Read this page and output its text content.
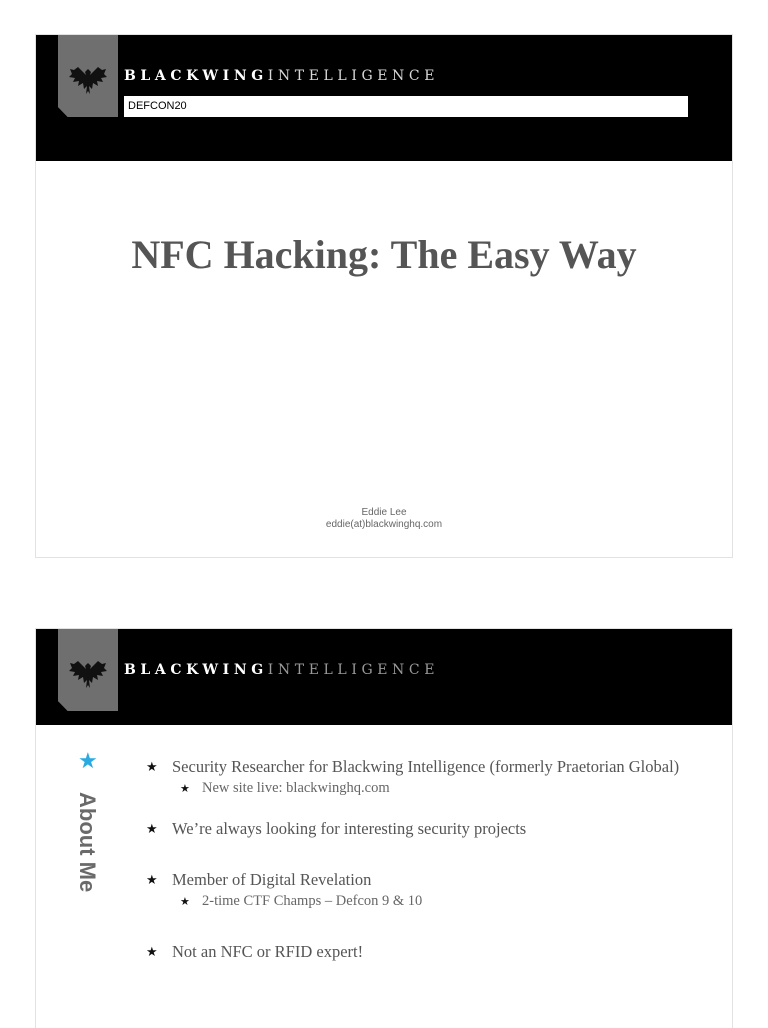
BLACKWINGINTELLIGENCE
DEFCON20
NFC Hacking: The Easy Way
Eddie Lee
eddie(at)blackwinghq.com
BLACKWINGINTELLIGENCE
★
About Me
★ Security Researcher for Blackwing Intelligence (formerly Praetorian Global)
★ New site live: blackwinghq.com
★ We’re always looking for interesting security projects
★ Member of Digital Revelation
★ 2-time CTF Champs – Defcon 9 & 10
★ Not an NFC or RFID expert!
